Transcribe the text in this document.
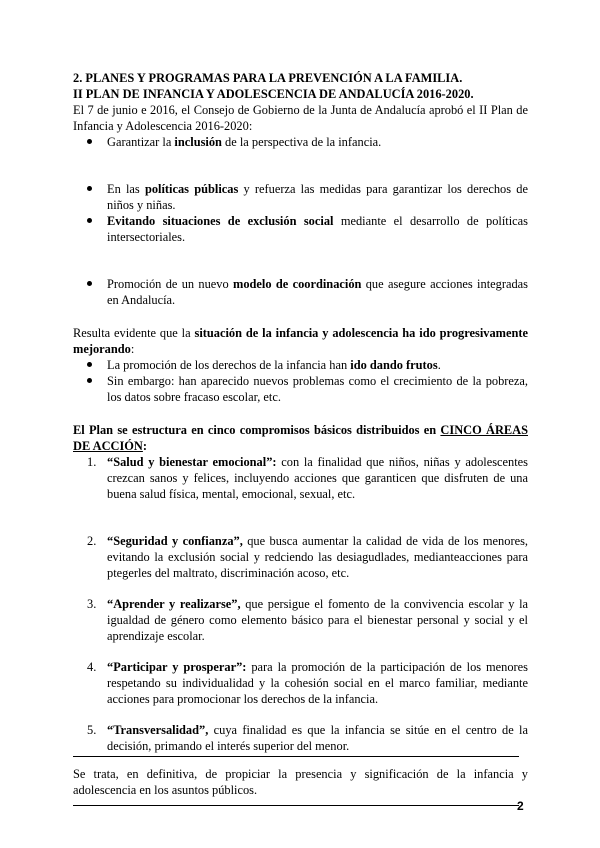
2. PLANES Y PROGRAMAS PARA LA PREVENCIÓN A LA FAMILIA.

II PLAN DE INFANCIA Y ADOLESCENCIA DE ANDALUCÍA 2016-2020.

El 7 de junio e 2016, el Consejo de Gobierno de la Junta de Andalucía aprobó el II Plan de Infancia y Adolescencia 2016-2020:

Garantizar la inclusión de la perspectiva de la infancia.
En las políticas públicas y refuerza las medidas para garantizar los derechos de niños y niñas.
Evitando situaciones de exclusión social mediante el desarrollo de políticas intersectoriales.
Promoción de un nuevo modelo de coordinación que asegure acciones integradas en Andalucía.

Resulta evidente que la situación de la infancia y adolescencia ha ido progresivamente mejorando:

La promoción de los derechos de la infancia han ido dando frutos.
Sin embargo: han aparecido nuevos problemas como el crecimiento de la pobreza, los datos sobre fracaso escolar, etc.

El Plan se estructura en cinco compromisos básicos distribuidos en CINCO ÁREAS DE ACCIÓN:

1. “Salud y bienestar emocional”: con la finalidad que niños, niñas y adolescentes crezcan sanos y felices, incluyendo acciones que garanticen que disfruten de una buena salud física, mental, emocional, sexual, etc.
2. “Seguridad y confianza”, que busca aumentar la calidad de vida de los menores, evitando la exclusión social y redciendo las desiagudlades, medianteacciones para ptegerles del maltrato, discriminación acoso, etc.
3. “Aprender y realizarse”, que persigue el fomento de la convivencia escolar y la igualdad de género como elemento básico para el bienestar personal y social y el aprendizaje escolar.
4. “Participar y prosperar”: para la promoción de la participación de los menores respetando su individualidad y la cohesión social en el marco familiar, mediante acciones para promocionar los derechos de la infancia.
5. “Transversalidad”, cuya finalidad es que la infancia se sitúe en el centro de la decisión, primando el interés superior del menor.

Se trata, en definitiva, de propiciar la presencia y significación de la infancia y adolescencia en los asuntos públicos.

2
